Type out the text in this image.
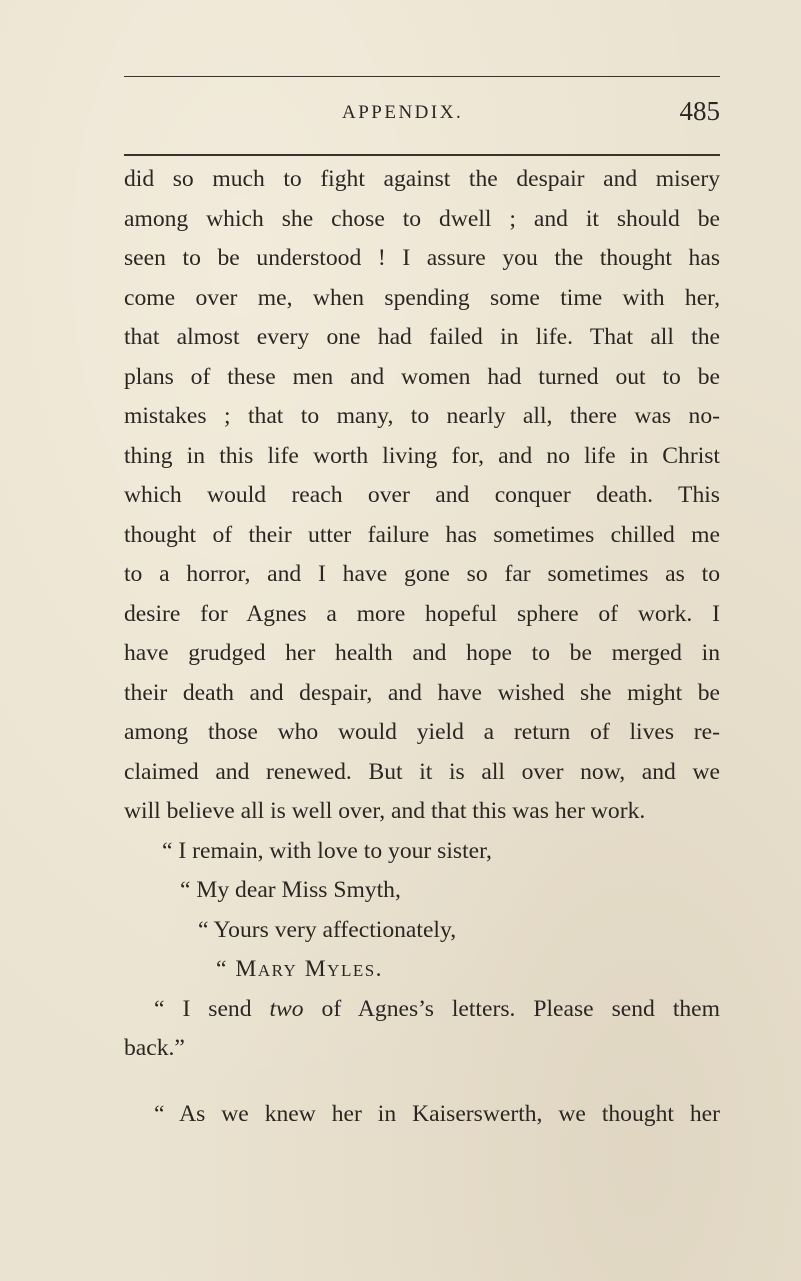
APPENDIX.	485
did so much to fight against the despair and misery
among which she chose to dwell ; and it should be
seen to be understood ! I assure you the thought has
come over me, when spending some time with her,
that almost every one had failed in life. That all the
plans of these men and women had turned out to be
mistakes ; that to many, to nearly all, there was no-
thing in this life worth living for, and no life in Christ
which would reach over and conquer death. This
thought of their utter failure has sometimes chilled me
to a horror, and I have gone so far sometimes as to
desire for Agnes a more hopeful sphere of work. I
have grudged her health and hope to be merged in
their death and despair, and have wished she might be
among those who would yield a return of lives re-
claimed and renewed. But it is all over now, and we
will believe all is well over, and that this was her work.
“ I remain, with love to your sister,
“ My dear Miss Smyth,
“ Yours very affectionately,
“ Mary Myles.
“ I send two of Agnes’s letters. Please send them
back.”
“ As we knew her in Kaiserswerth, we thought her
